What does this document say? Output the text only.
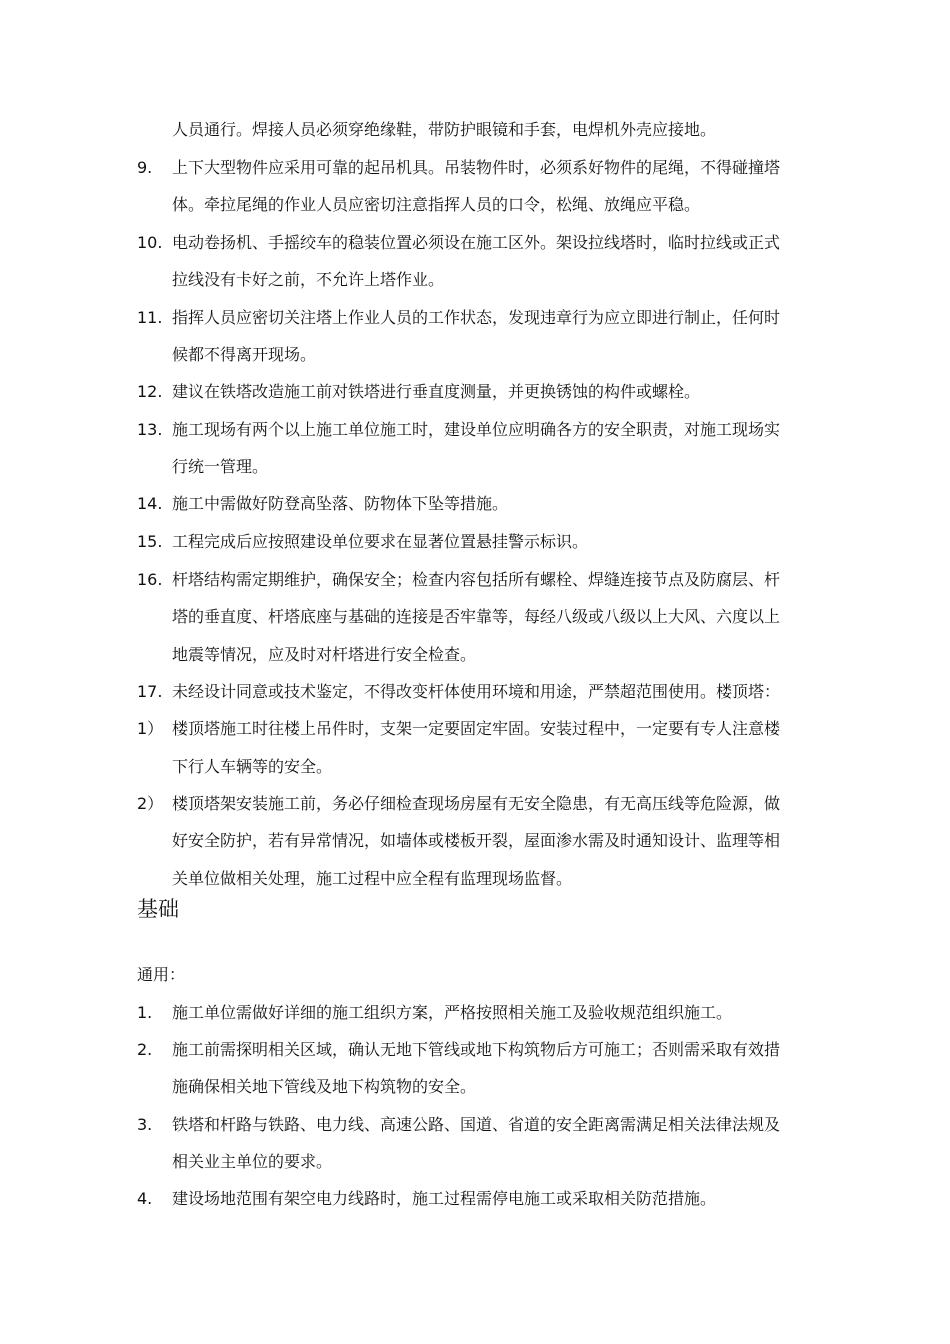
人员通行。焊接人员必须穿绝缘鞋，带防护眼镜和手套，电焊机外壳应接地。
9. 上下大型物件应采用可靠的起吊机具。吊装物件时，必须系好物件的尾绳，不得碰撞塔
体。牵拉尾绳的作业人员应密切注意指挥人员的口令，松绳、放绳应平稳。
10. 电动卷扬机、手摇绞车的稳装位置必须设在施工区外。架设拉线塔时，临时拉线或正式
拉线没有卡好之前，不允许上塔作业。
11. 指挥人员应密切关注塔上作业人员的工作状态，发现违章行为应立即进行制止，任何时
候都不得离开现场。
12. 建议在铁塔改造施工前对铁塔进行垂直度测量，并更换锈蚀的构件或螺栓。
13. 施工现场有两个以上施工单位施工时，建设单位应明确各方的安全职责，对施工现场实
行统一管理。
14. 施工中需做好防登高坠落、防物体下坠等措施。
15. 工程完成后应按照建设单位要求在显著位置悬挂警示标识。
16. 杆塔结构需定期维护，确保安全；检查内容包括所有螺栓、焊缝连接节点及防腐层、杆
塔的垂直度、杆塔底座与基础的连接是否牢靠等，每经八级或八级以上大风、六度以上
地震等情况，应及时对杆塔进行安全检查。
17. 未经设计同意或技术鉴定，不得改变杆体使用环境和用途，严禁超范围使用。楼顶塔：
1） 楼顶塔施工时往楼上吊件时，支架一定要固定牢固。安装过程中，一定要有专人注意楼
下行人车辆等的安全。
2） 楼顶塔架安装施工前，务必仔细检查现场房屋有无安全隐患，有无高压线等危险源，做
好安全防护，若有异常情况，如墙体或楼板开裂，屋面渗水需及时通知设计、监理等相
关单位做相关处理，施工过程中应全程有监理现场监督。
基础
通用：
1. 施工单位需做好详细的施工组织方案，严格按照相关施工及验收规范组织施工。
2. 施工前需探明相关区域，确认无地下管线或地下构筑物后方可施工；否则需采取有效措
施确保相关地下管线及地下构筑物的安全。
3. 铁塔和杆路与铁路、电力线、高速公路、国道、省道的安全距离需满足相关法律法规及
相关业主单位的要求。
4. 建设场地范围有架空电力线路时，施工过程需停电施工或采取相关防范措施。
